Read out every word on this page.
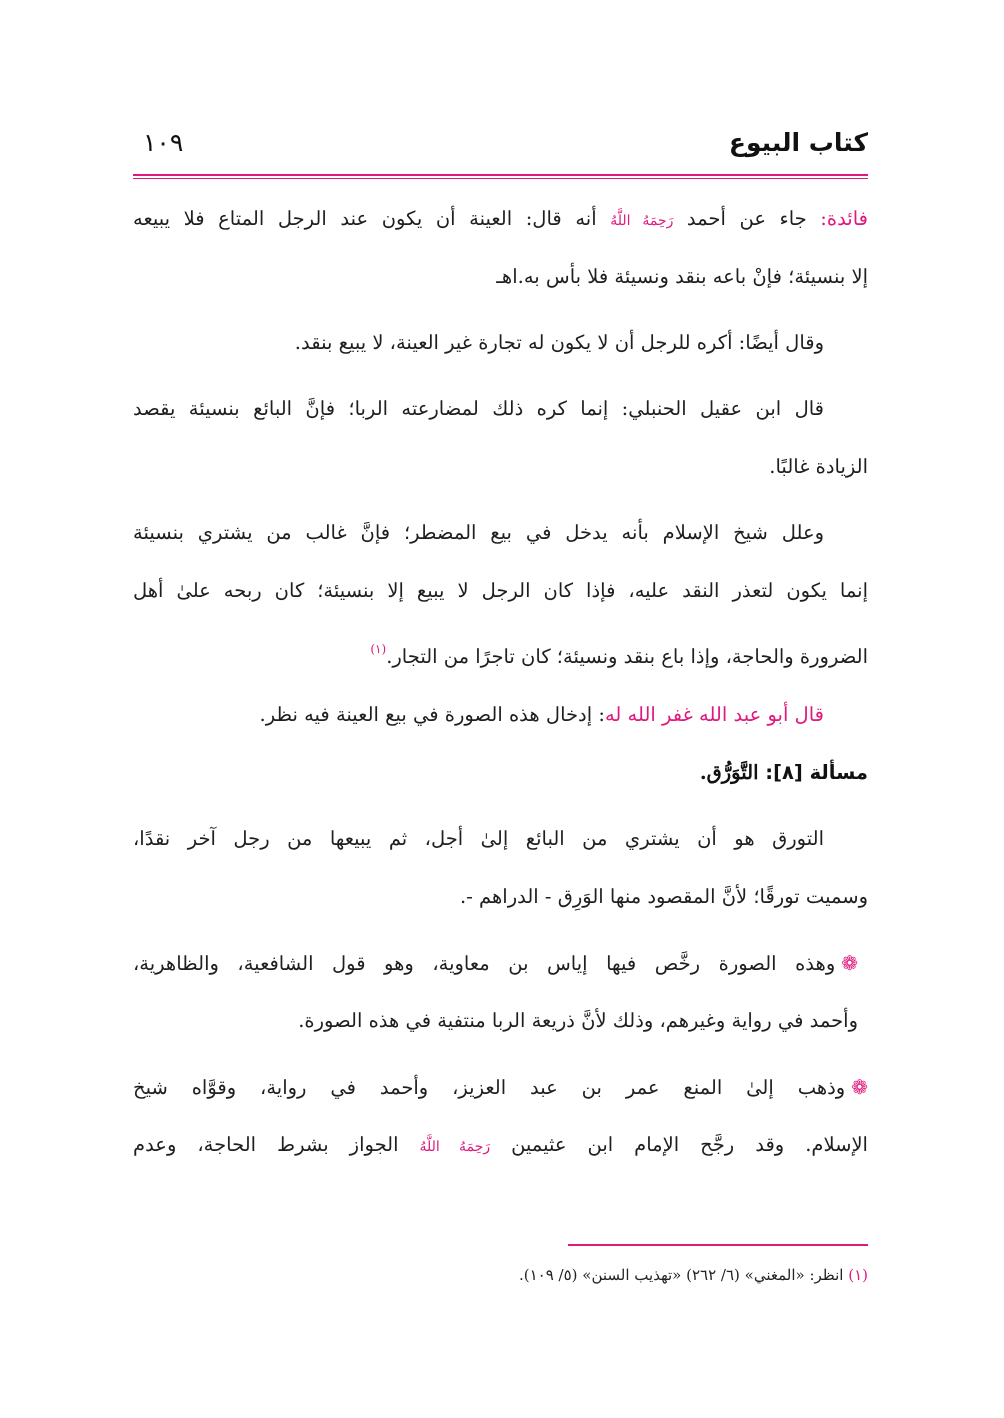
كتاب البيوع
١٠٩
فائدة: جاء عن أحمد رَحِمَهُ اللَّهُ أنه قال: العينة أن يكون عند الرجل المتاع فلا يبيعه
إلا بنسيئة؛ فإنْ باعه بنقد ونسيئة فلا بأس به.اهـ
وقال أيضًا: أكره للرجل أن لا يكون له تجارة غير العينة، لا يبيع بنقد.
قال ابن عقيل الحنبلي: إنما كره ذلك لمضارعته الربا؛ فإنَّ البائع بنسيئة يقصد
الزيادة غالبًا.
وعلل شيخ الإسلام بأنه يدخل في بيع المضطر؛ فإنَّ غالب من يشتري بنسيئة
إنما يكون لتعذر النقد عليه، فإذا كان الرجل لا يبيع إلا بنسيئة؛ كان ربحه علىٰ أهل
الضرورة والحاجة، وإذا باع بنقد ونسيئة؛ كان تاجرًا من التجار.$^{(١)}$
قال أبو عبد الله غفر الله له: إدخال هذه الصورة في بيع العينة فيه نظر.
مسألة [٨]: التَّوَرُّق.
التورق هو أن يشتري من البائع إلىٰ أجل، ثم يبيعها من رجل آخر نقدًا،
وسميت تورقًا؛ لأنَّ المقصود منها الوَرِق - الدراهم -.
❁وهذه الصورة رخَّص فيها إياس بن معاوية، وهو قول الشافعية، والظاهرية،
وأحمد في رواية وغيرهم، وذلك لأنَّ ذريعة الربا منتفية في هذه الصورة.
❁وذهب إلىٰ المنع عمر بن عبد العزيز، وأحمد في رواية، وقوَّاه شيخ
الإسلام. وقد رجَّح الإمام ابن عثيمين رَحِمَهُ اللَّهُ الجواز بشرط الحاجة، وعدم
(١) انظر: «المغني» (٦/ ٢٦٢) «تهذيب السنن» (٥/ ١٠٩).
